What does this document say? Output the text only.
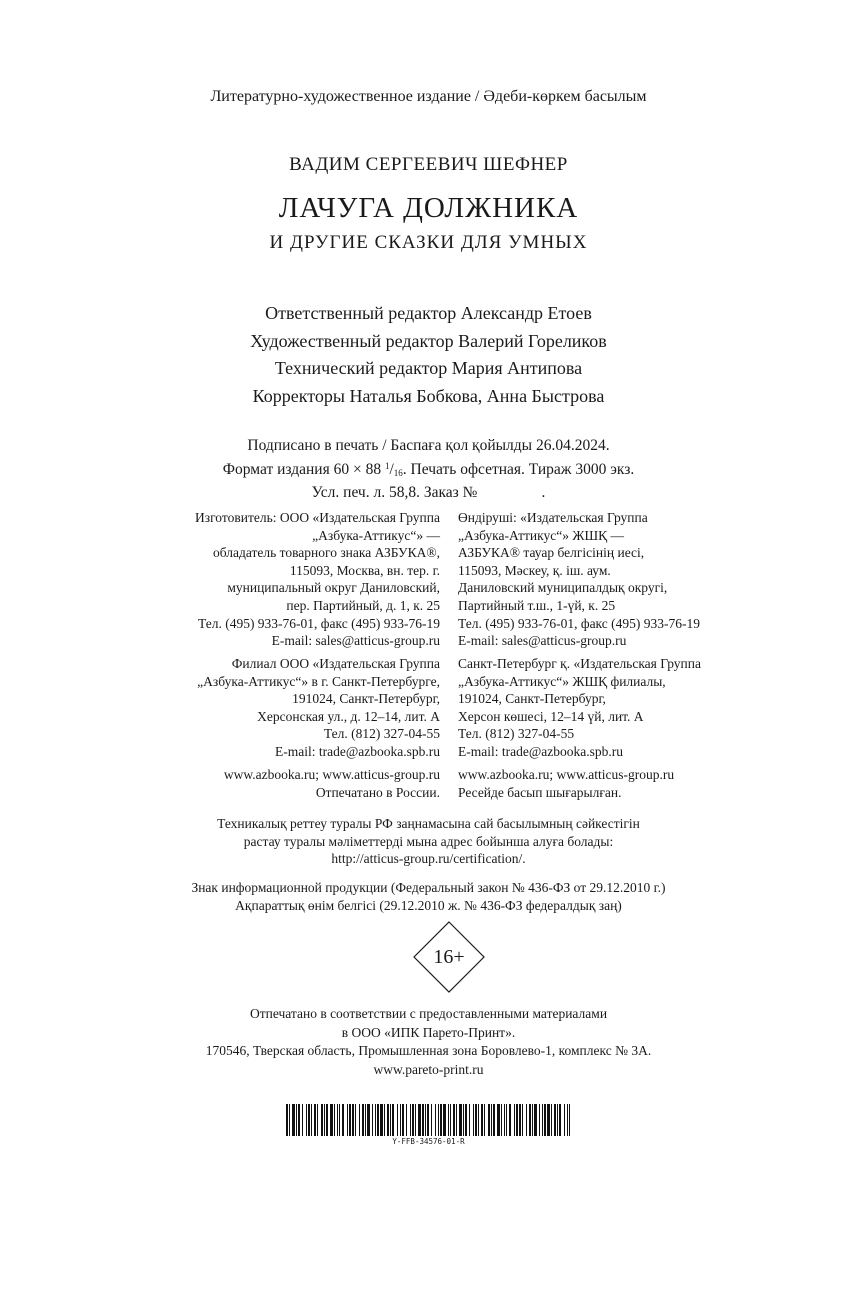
Литературно-художественное издание / Әдеби-көркем басылым
ВАДИМ СЕРГЕЕВИЧ ШЕФНЕР
ЛАЧУГА ДОЛЖНИКА
И ДРУГИЕ СКАЗКИ ДЛЯ УМНЫХ
Ответственный редактор Александр Етоев
Художественный редактор Валерий Гореликов
Технический редактор Мария Антипова
Корректоры Наталья Бобкова, Анна Быстрова
Подписано в печать / Баспаға қол қойылды 26.04.2024.
Формат издания 60 × 88 $^1/_{16}$. Печать офсетная. Тираж 3000 экз.
Усл. печ. л. 58,8. Заказ №	.
Изготовитель: ООО «Издательская Группа
„Азбука-Аттикус“» —
обладатель товарного знака АЗБУКА®,
115093, Москва, вн. тер. г.
муниципальный округ Даниловский,
пер. Партийный, д. 1, к. 25
Тел. (495) 933-76-01, факс (495) 933-76-19
E-mail: sales@atticus-group.ru
Өндіруші: «Издательская Группа
„Азбука-Аттикус“» ЖШҚ —
АЗБУКА® тауар белгісінің иесі,
115093, Мәскеу, қ. іш. аум.
Даниловский муниципалдық округі,
Партийный т.ш., 1-үй, к. 25
Тел. (495) 933-76-01, факс (495) 933-76-19
E-mail: sales@atticus-group.ru
Филиал ООО «Издательская Группа
„Азбука-Аттикус“» в г. Санкт-Петербурге,
191024, Санкт-Петербург,
Херсонская ул., д. 12–14, лит. А
Тел. (812) 327-04-55
E-mail: trade@azbooka.spb.ru
Санкт-Петербург қ. «Издательская Группа
„Азбука-Аттикус“» ЖШҚ филиалы,
191024, Санкт-Петербург,
Херсон көшесі, 12–14 үй, лит. А
Тел. (812) 327-04-55
E-mail: trade@azbooka.spb.ru
www.azbooka.ru; www.atticus-group.ru
Отпечатано в России.
www.azbooka.ru; www.atticus-group.ru
Ресейде басып шығарылған.
Техникалық реттеу туралы РФ заңнамасына сай басылымның сәйкестігін
растау туралы мәліметтерді мына адрес бойынша алуға болады:
http://atticus-group.ru/certification/.
Знак информационной продукции (Федеральный закон № 436-ФЗ от 29.12.2010 г.)
Ақпараттық өнім белгісі (29.12.2010 ж. № 436-ФЗ федералдық заң)
16+
Отпечатано в соответствии с предоставленными материалами
в ООО «ИПК Парето-Принт».
170546, Тверская область, Промышленная зона Боровлево-1, комплекс № 3А.
www.pareto-print.ru
Y-FFB-34576-01-R
